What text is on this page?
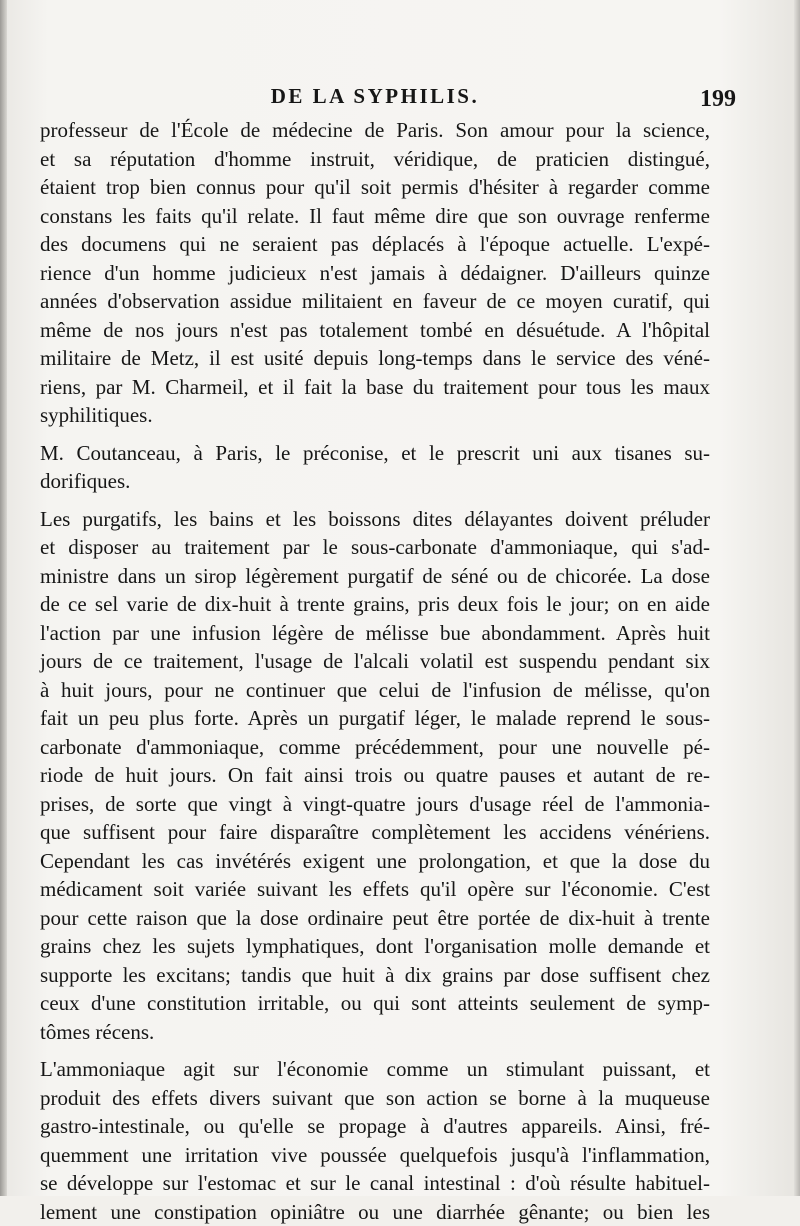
DE LA SYPHILIS.	199

professeur de l'École de médecine de Paris. Son amour pour la science,
et sa réputation d'homme instruit, véridique, de praticien distingué,
étaient trop bien connus pour qu'il soit permis d'hésiter à regarder comme
constans les faits qu'il relate. Il faut même dire que son ouvrage renferme
des documens qui ne seraient pas déplacés à l'époque actuelle. L'expé-
rience d'un homme judicieux n'est jamais à dédaigner. D'ailleurs quinze
années d'observation assidue militaient en faveur de ce moyen curatif, qui
même de nos jours n'est pas totalement tombé en désuétude. A l'hôpital
militaire de Metz, il est usité depuis long-temps dans le service des véné-
riens, par M. Charmeil, et il fait la base du traitement pour tous les maux
syphilitiques.

M. Coutanceau, à Paris, le préconise, et le prescrit uni aux tisanes su-
dorifiques.

Les purgatifs, les bains et les boissons dites délayantes doivent préluder
et disposer au traitement par le sous-carbonate d'ammoniaque, qui s'ad-
ministre dans un sirop légèrement purgatif de séné ou de chicorée. La dose
de ce sel varie de dix-huit à trente grains, pris deux fois le jour; on en aide
l'action par une infusion légère de mélisse bue abondamment. Après huit
jours de ce traitement, l'usage de l'alcali volatil est suspendu pendant six
à huit jours, pour ne continuer que celui de l'infusion de mélisse, qu'on
fait un peu plus forte. Après un purgatif léger, le malade reprend le sous-
carbonate d'ammoniaque, comme précédemment, pour une nouvelle pé-
riode de huit jours. On fait ainsi trois ou quatre pauses et autant de re-
prises, de sorte que vingt à vingt-quatre jours d'usage réel de l'ammonia-
que suffisent pour faire disparaître complètement les accidens vénériens.
Cependant les cas invétérés exigent une prolongation, et que la dose du
médicament soit variée suivant les effets qu'il opère sur l'économie. C'est
pour cette raison que la dose ordinaire peut être portée de dix-huit à trente
grains chez les sujets lymphatiques, dont l'organisation molle demande et
supporte les excitans; tandis que huit à dix grains par dose suffisent chez
ceux d'une constitution irritable, ou qui sont atteints seulement de symp-
tômes récens.

L'ammoniaque agit sur l'économie comme un stimulant puissant, et
produit des effets divers suivant que son action se borne à la muqueuse
gastro-intestinale, ou qu'elle se propage à d'autres appareils. Ainsi, fré-
quemment une irritation vive poussée quelquefois jusqu'à l'inflammation,
se développe sur l'estomac et sur le canal intestinal : d'où résulte habituel-
lement une constipation opiniâtre ou une diarrhée gênante; ou bien les
